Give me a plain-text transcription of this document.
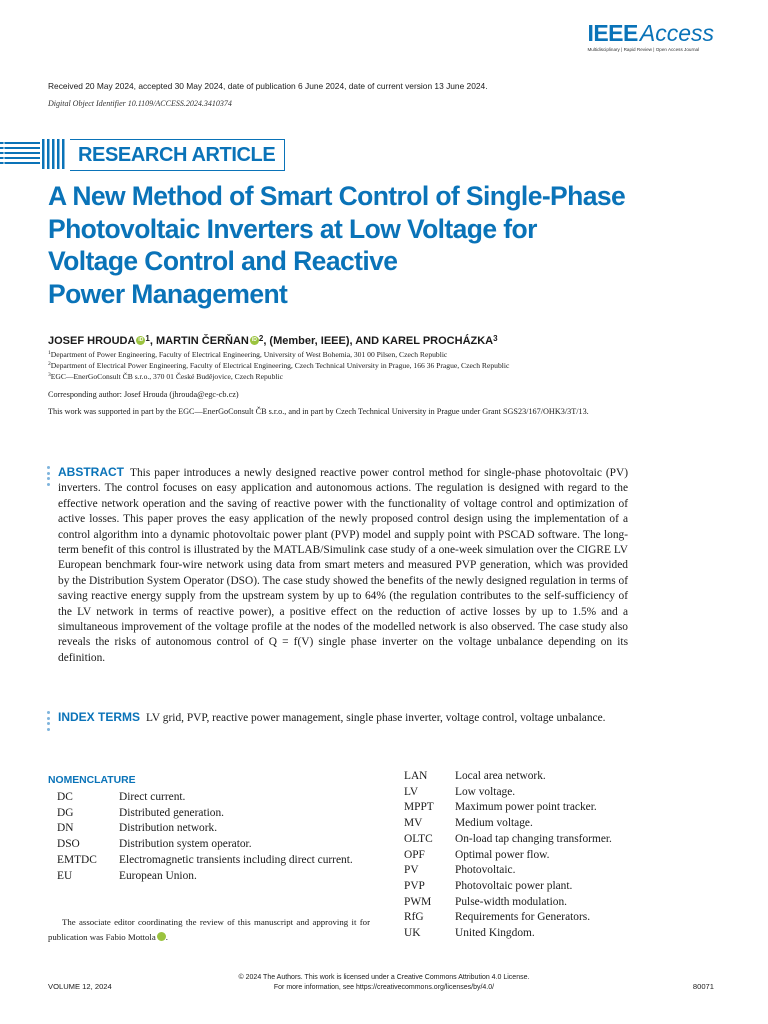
IEEEAccess
Multidisciplinary | Rapid Review | Open Access Journal
Received 20 May 2024, accepted 30 May 2024, date of publication 6 June 2024, date of current version 13 June 2024.
Digital Object Identifier 10.1109/ACCESS.2024.3410374
RESEARCH ARTICLE
A New Method of Smart Control of Single-Phase
Photovoltaic Inverters at Low Voltage for
Voltage Control and Reactive
Power Management
JOSEF HROUDA iD $^1$, MARTIN ČERŇAN iD $^2$, (Member, IEEE), AND KAREL PROCHÁZKA$^3$
$^1$Department of Power Engineering, Faculty of Electrical Engineering, University of West Bohemia, 301 00 Pilsen, Czech Republic
$^2$Department of Electrical Power Engineering, Faculty of Electrical Engineering, Czech Technical University in Prague, 166 36 Prague, Czech Republic
$^3$EGC—EnerGoConsult ČB s.r.o., 370 01 České Budějovice, Czech Republic
Corresponding author: Josef Hrouda (jhrouda@egc-cb.cz)
This work was supported in part by the EGC—EnerGoConsult ČB s.r.o., and in part by Czech Technical University in Prague under Grant SGS23/167/OHK3/3T/13.
ABSTRACT This paper introduces a newly designed reactive power control method for single-phase photovoltaic (PV) inverters. The control focuses on easy application and autonomous actions. The regulation is designed with regard to the effective network operation and the saving of reactive power with the functionality of voltage control and optimization of active losses. This paper proves the easy application of the newly proposed control design using the implementation of a control algorithm into a dynamic photovoltaic power plant (PVP) model and supply point with PSCAD software. The long-term benefit of this control is illustrated by the MATLAB/Simulink case study of a one-week simulation over the CIGRE LV European benchmark four-wire network using data from smart meters and measured PVP generation, which was provided by the Distribution System Operator (DSO). The case study showed the benefits of the newly designed regulation in terms of saving reactive energy supply from the upstream system by up to 64% (the regulation contributes to the self-sufficiency of the LV network in terms of reactive power), a positive effect on the reduction of active losses by up to 1.5% and a simultaneous improvement of the voltage profile at the nodes of the modelled network is also observed. The case study also reveals the risks of autonomous control of Q = f(V) single phase inverter on the voltage unbalance depending on its definition.
INDEX TERMS LV grid, PVP, reactive power management, single phase inverter, voltage control, voltage unbalance.
NOMENCLATURE
DC	Direct current.
DG	Distributed generation.
DN	Distribution network.
DSO	Distribution system operator.
EMTDC	Electromagnetic transients including direct current.
EU	European Union.
LAN	Local area network.
LV	Low voltage.
MPPT	Maximum power point tracker.
MV	Medium voltage.
OLTC	On-load tap changing transformer.
OPF	Optimal power flow.
PV	Photovoltaic.
PVP	Photovoltaic power plant.
PWM	Pulse-width modulation.
RfG	Requirements for Generators.
UK	United Kingdom.
The associate editor coordinating the review of this manuscript and approving it for publication was Fabio Mottola	iD.
© 2024 The Authors. This work is licensed under a Creative Commons Attribution 4.0 License.
For more information, see https://creativecommons.org/licenses/by/4.0/
VOLUME 12, 2024	80071
